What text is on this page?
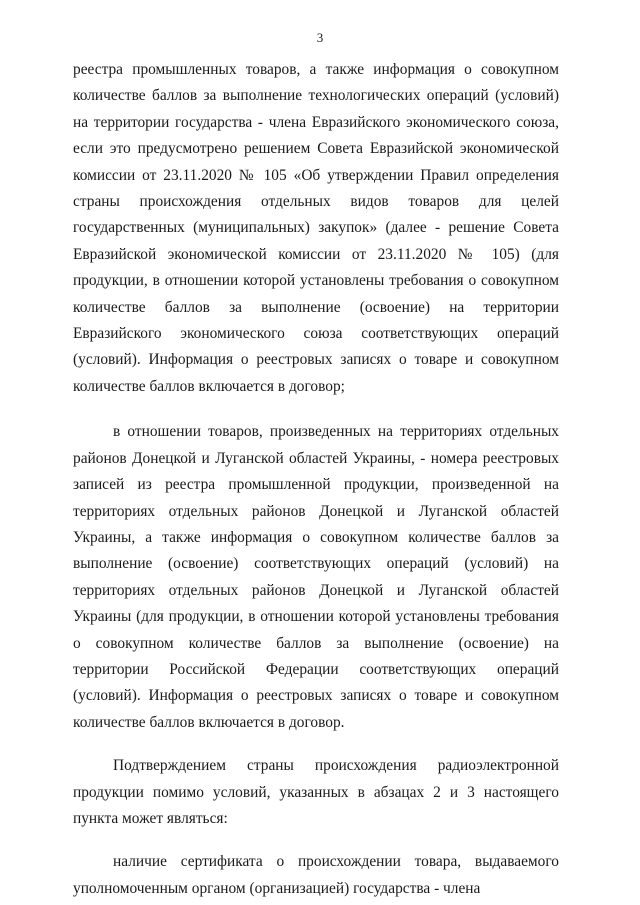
3

реестра промышленных товаров, а также информация о совокупном количестве баллов за выполнение технологических операций (условий) на территории государства - члена Евразийского экономического союза, если это предусмотрено решением Совета Евразийской экономической комиссии от 23.11.2020 № 105 «Об утверждении Правил определения страны происхождения отдельных видов товаров для целей государственных (муниципальных) закупок» (далее - решение Совета Евразийской экономической комиссии от 23.11.2020 № 105) (для продукции, в отношении которой установлены требования о совокупном количестве баллов за выполнение (освоение) на территории Евразийского экономического союза соответствующих операций (условий). Информация о реестровых записях о товаре и совокупном количестве баллов включается в договор;

в отношении товаров, произведенных на территориях отдельных районов Донецкой и Луганской областей Украины, - номера реестровых записей из реестра промышленной продукции, произведенной на территориях отдельных районов Донецкой и Луганской областей Украины, а также информация о совокупном количестве баллов за выполнение (освоение) соответствующих операций (условий) на территориях отдельных районов Донецкой и Луганской областей Украины (для продукции, в отношении которой установлены требования о совокупном количестве баллов за выполнение (освоение) на территории Российской Федерации соответствующих операций (условий). Информация о реестровых записях о товаре и совокупном количестве баллов включается в договор.

Подтверждением страны происхождения радиоэлектронной продукции помимо условий, указанных в абзацах 2 и 3 настоящего пункта может являться:

наличие сертификата о происхождении товара, выдаваемого уполномоченным органом (организацией) государства - члена
